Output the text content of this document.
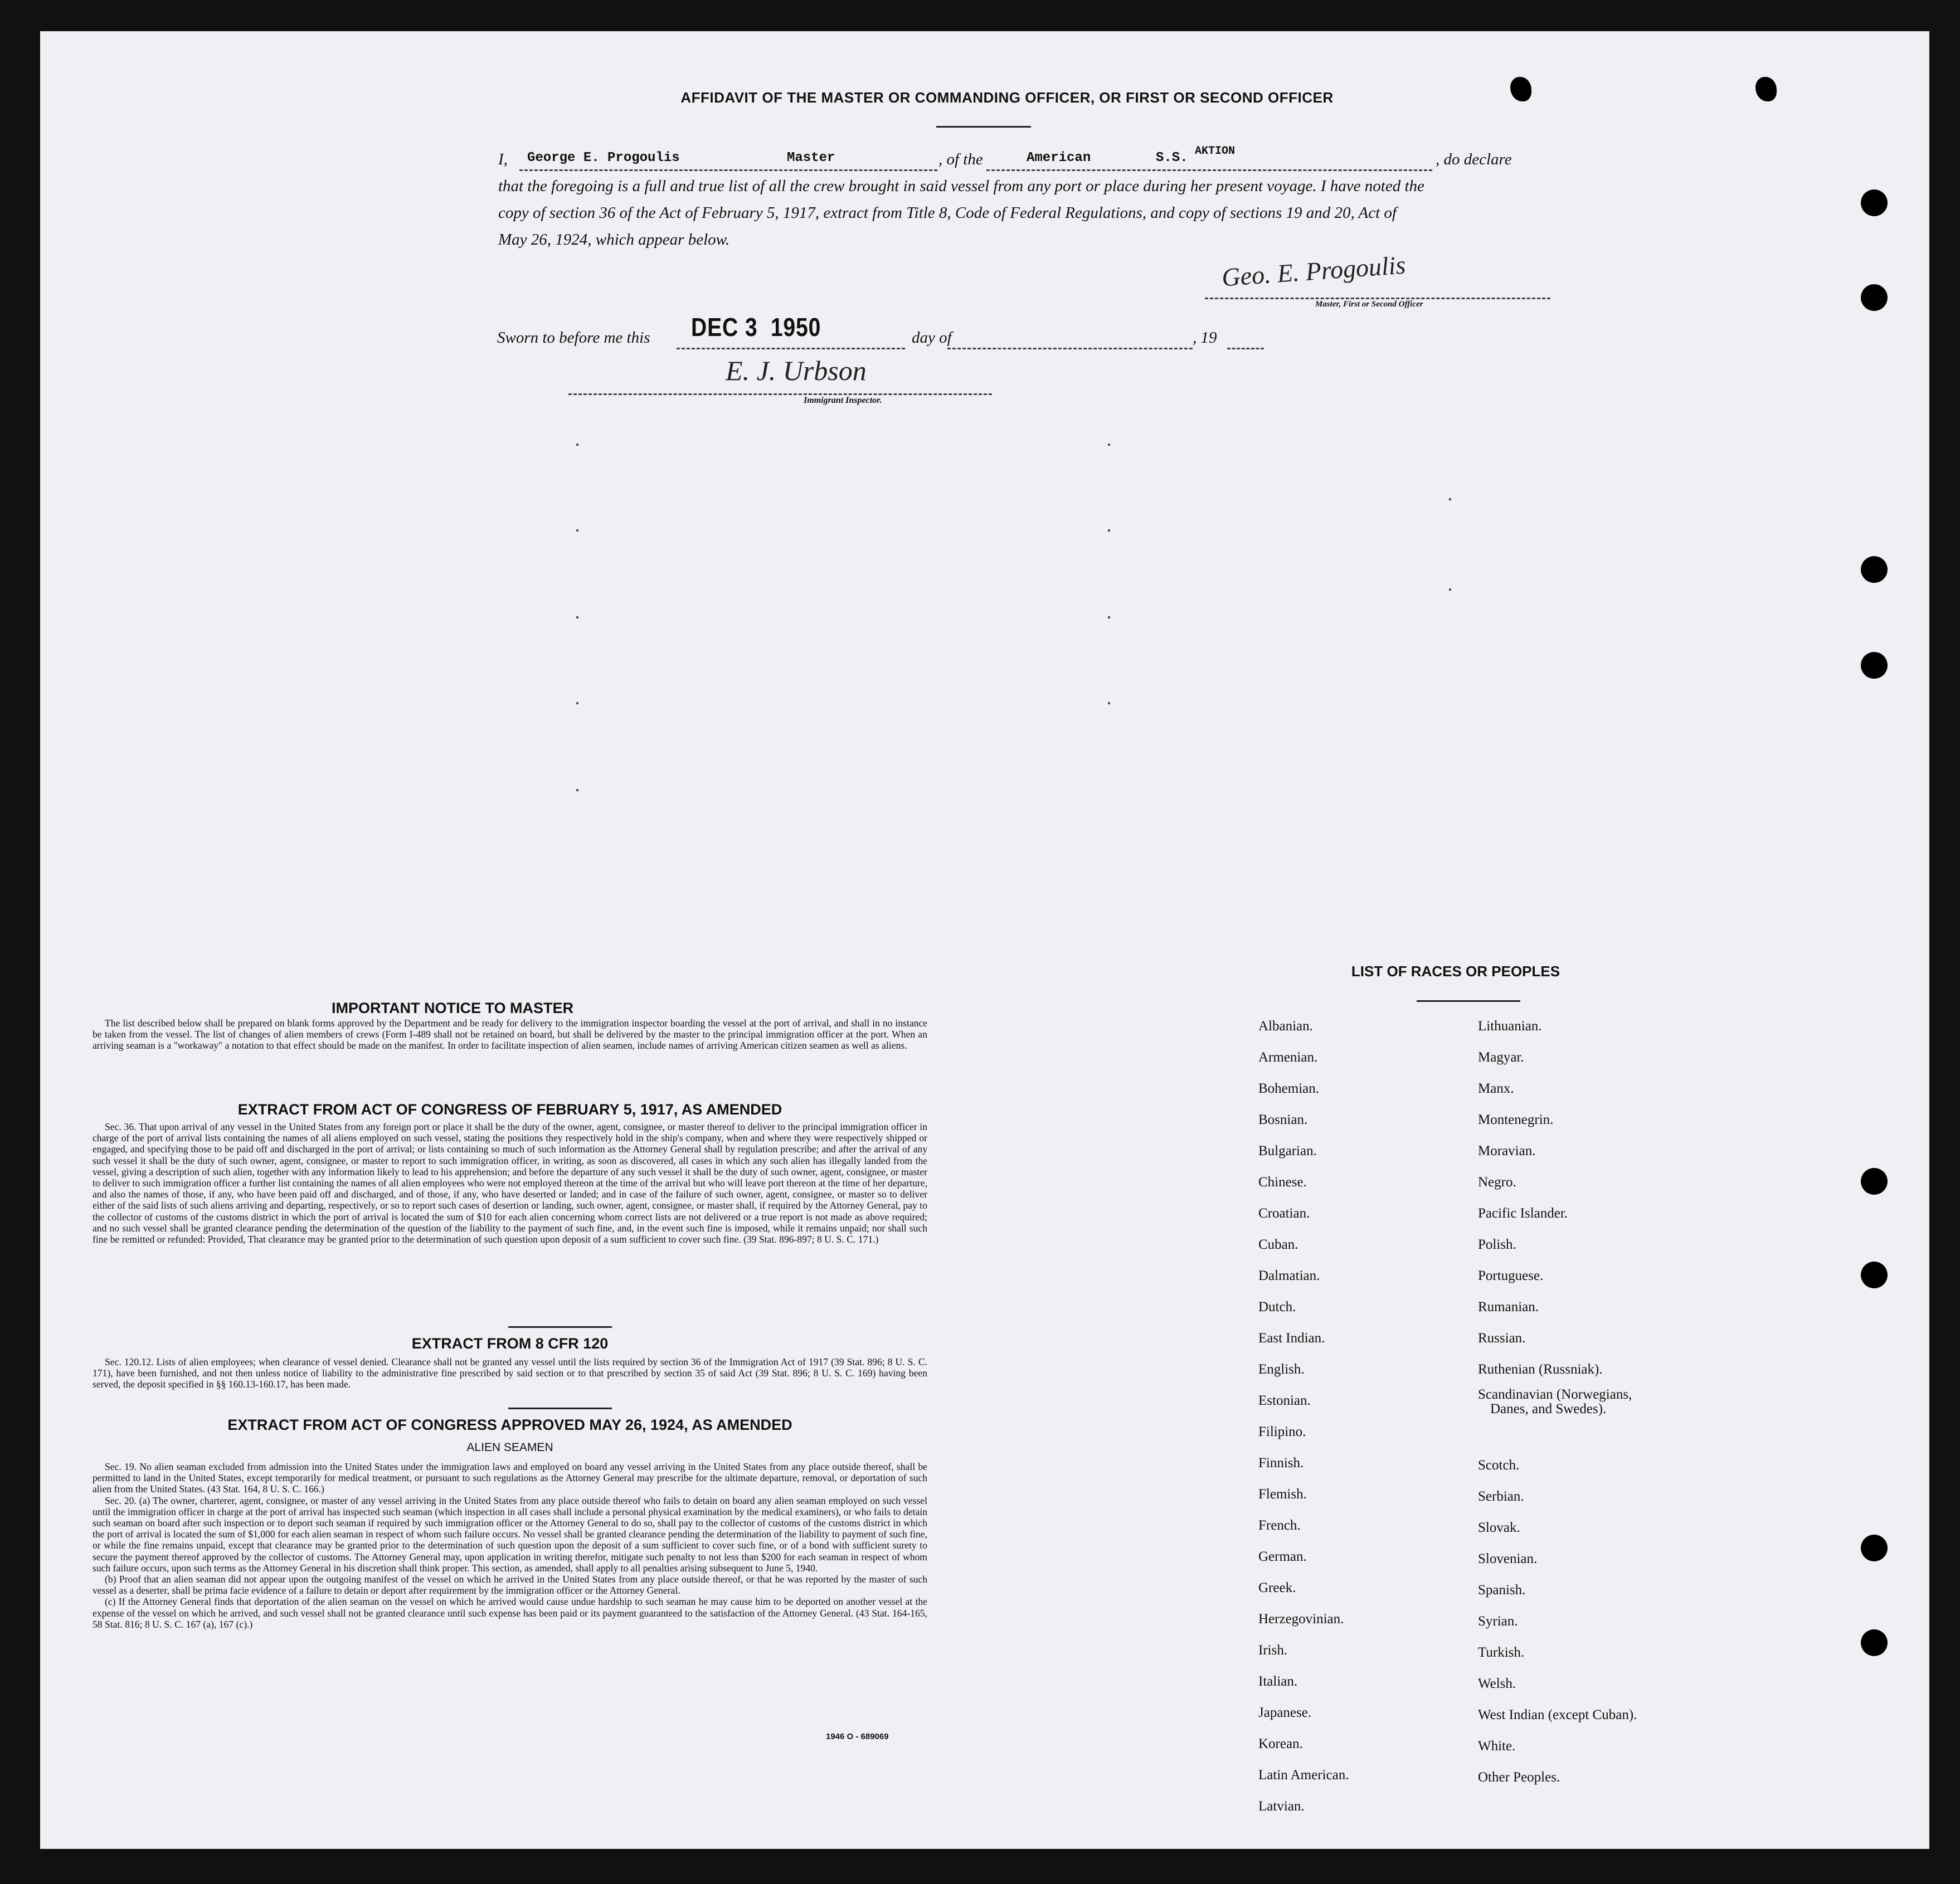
AFFIDAVIT OF THE MASTER OR COMMANDING OFFICER, OR FIRST OR SECOND OFFICER
I, George E. Progoulis	Master	, of the	American	S.S. AKTION	, do declare
that the foregoing is a full and true list of all the crew brought in said vessel from any port or place during her present voyage. I have noted the
copy of section 36 of the Act of February 5, 1917, extract from Title 8, Code of Federal Regulations, and copy of sections 19 and 20, Act of
May 26, 1924, which appear below.
Geo. E. Progoulis
Master, First or Second Officer
Sworn to before me this DEC 3  1950	day of	, 19
E. J. Urbson
Immigrant Inspector.
IMPORTANT NOTICE TO MASTER

The list described below shall be prepared on blank forms approved by the Department and be ready for delivery to the immigration inspector boarding the vessel at the port of arrival, and shall in no instance be taken from the vessel. The list of changes of alien members of crews (Form I-489 shall not be retained on board, but shall be delivered by the master to the principal immigration officer at the port. When an arriving seaman is a "workaway" a notation to that effect should be made on the manifest. In order to facilitate inspection of alien seamen, include names of arriving American citizen seamen as well as aliens.

EXTRACT FROM ACT OF CONGRESS OF FEBRUARY 5, 1917, AS AMENDED

Sec. 36. That upon arrival of any vessel in the United States from any foreign port or place it shall be the duty of the owner, agent, consignee, or master thereof to deliver to the principal immigration officer in charge of the port of arrival lists containing the names of all aliens employed on such vessel, stating the positions they respectively hold in the ship's company, when and where they were respectively shipped or engaged, and specifying those to be paid off and discharged in the port of arrival; or lists containing so much of such information as the Attorney General shall by regulation prescribe; and after the arrival of any such vessel it shall be the duty of such owner, agent, consignee, or master to report to such immigration officer, in writing, as soon as discovered, all cases in which any such alien has illegally landed from the vessel, giving a description of such alien, together with any information likely to lead to his apprehension; and before the departure of any such vessel it shall be the duty of such owner, agent, consignee, or master to deliver to such immigration officer a further list containing the names of all alien employees who were not employed thereon at the time of the arrival but who will leave port thereon at the time of her departure, and also the names of those, if any, who have been paid off and discharged, and of those, if any, who have deserted or landed; and in case of the failure of such owner, agent, consignee, or master so to deliver either of the said lists of such aliens arriving and departing, respectively, or so to report such cases of desertion or landing, such owner, agent, consignee, or master shall, if required by the Attorney General, pay to the collector of customs of the customs district in which the port of arrival is located the sum of $10 for each alien concerning whom correct lists are not delivered or a true report is not made as above required; and no such vessel shall be granted clearance pending the determination of the question of the liability to the payment of such fine, and, in the event such fine is imposed, while it remains unpaid; nor shall such fine be remitted or refunded: Provided, That clearance may be granted prior to the determination of such question upon deposit of a sum sufficient to cover such fine. (39 Stat. 896-897; 8 U. S. C. 171.)

EXTRACT FROM 8 CFR 120

Sec. 120.12. Lists of alien employees; when clearance of vessel denied. Clearance shall not be granted any vessel until the lists required by section 36 of the Immigration Act of 1917 (39 Stat. 896; 8 U. S. C. 171), have been furnished, and not then unless notice of liability to the administrative fine prescribed by said section or to that prescribed by section 35 of said Act (39 Stat. 896; 8 U. S. C. 169) having been served, the deposit specified in §§ 160.13-160.17, has been made.

EXTRACT FROM ACT OF CONGRESS APPROVED MAY 26, 1924, AS AMENDED
ALIEN SEAMEN

Sec. 19. No alien seaman excluded from admission into the United States under the immigration laws and employed on board any vessel arriving in the United States from any place outside thereof, shall be permitted to land in the United States, except temporarily for medical treatment, or pursuant to such regulations as the Attorney General may prescribe for the ultimate departure, removal, or deportation of such alien from the United States. (43 Stat. 164, 8 U. S. C. 166.)

Sec. 20. (a) The owner, charterer, agent, consignee, or master of any vessel arriving in the United States from any place outside thereof who fails to detain on board any alien seaman employed on such vessel until the immigration officer in charge at the port of arrival has inspected such seaman (which inspection in all cases shall include a personal physical examination by the medical examiners), or who fails to detain such seaman on board after such inspection or to deport such seaman if required by such immigration officer or the Attorney General to do so, shall pay to the collector of customs of the customs district in which the port of arrival is located the sum of $1,000 for each alien seaman in respect of whom such failure occurs. No vessel shall be granted clearance pending the determination of the liability to payment of such fine, or while the fine remains unpaid, except that clearance may be granted prior to the determination of such question upon the deposit of a sum sufficient to cover such fine, or of a bond with sufficient surety to secure the payment thereof approved by the collector of customs. The Attorney General may, upon application in writing therefor, mitigate such penalty to not less than $200 for each seaman in respect of whom such failure occurs, upon such terms as the Attorney General in his discretion shall think proper. This section, as amended, shall apply to all penalties arising subsequent to June 5, 1940.

(b) Proof that an alien seaman did not appear upon the outgoing manifest of the vessel on which he arrived in the United States from any place outside thereof, or that he was reported by the master of such vessel as a deserter, shall be prima facie evidence of a failure to detain or deport after requirement by the immigration officer or the Attorney General.

(c) If the Attorney General finds that deportation of the alien seaman on the vessel on which he arrived would cause undue hardship to such seaman he may cause him to be deported on another vessel at the expense of the vessel on which he arrived, and such vessel shall not be granted clearance until such expense has been paid or its payment guaranteed to the satisfaction of the Attorney General. (43 Stat. 164-165, 58 Stat. 816; 8 U. S. C. 167 (a), 167 (c).)

1946 O - 689069
LIST OF RACES OR PEOPLES
Albanian.
Armenian.
Bohemian.
Bosnian.
Bulgarian.
Chinese.
Croatian.
Cuban.
Dalmatian.
Dutch.
East Indian.
English.
Estonian.
Filipino.
Finnish.
Flemish.
French.
German.
Greek.
Herzegovinian.
Irish.
Italian.
Japanese.
Korean.
Latin American.
Latvian.
Lithuanian.
Magyar.
Manx.
Montenegrin.
Moravian.
Negro.
Pacific Islander.
Polish.
Portuguese.
Rumanian.
Russian.
Ruthenian (Russniak).
Scandinavian (Norwegians,
Danes, and Swedes).
Scotch.
Serbian.
Slovak.
Slovenian.
Spanish.
Syrian.
Turkish.
Welsh.
West Indian (except Cuban).
White.
Other Peoples.
